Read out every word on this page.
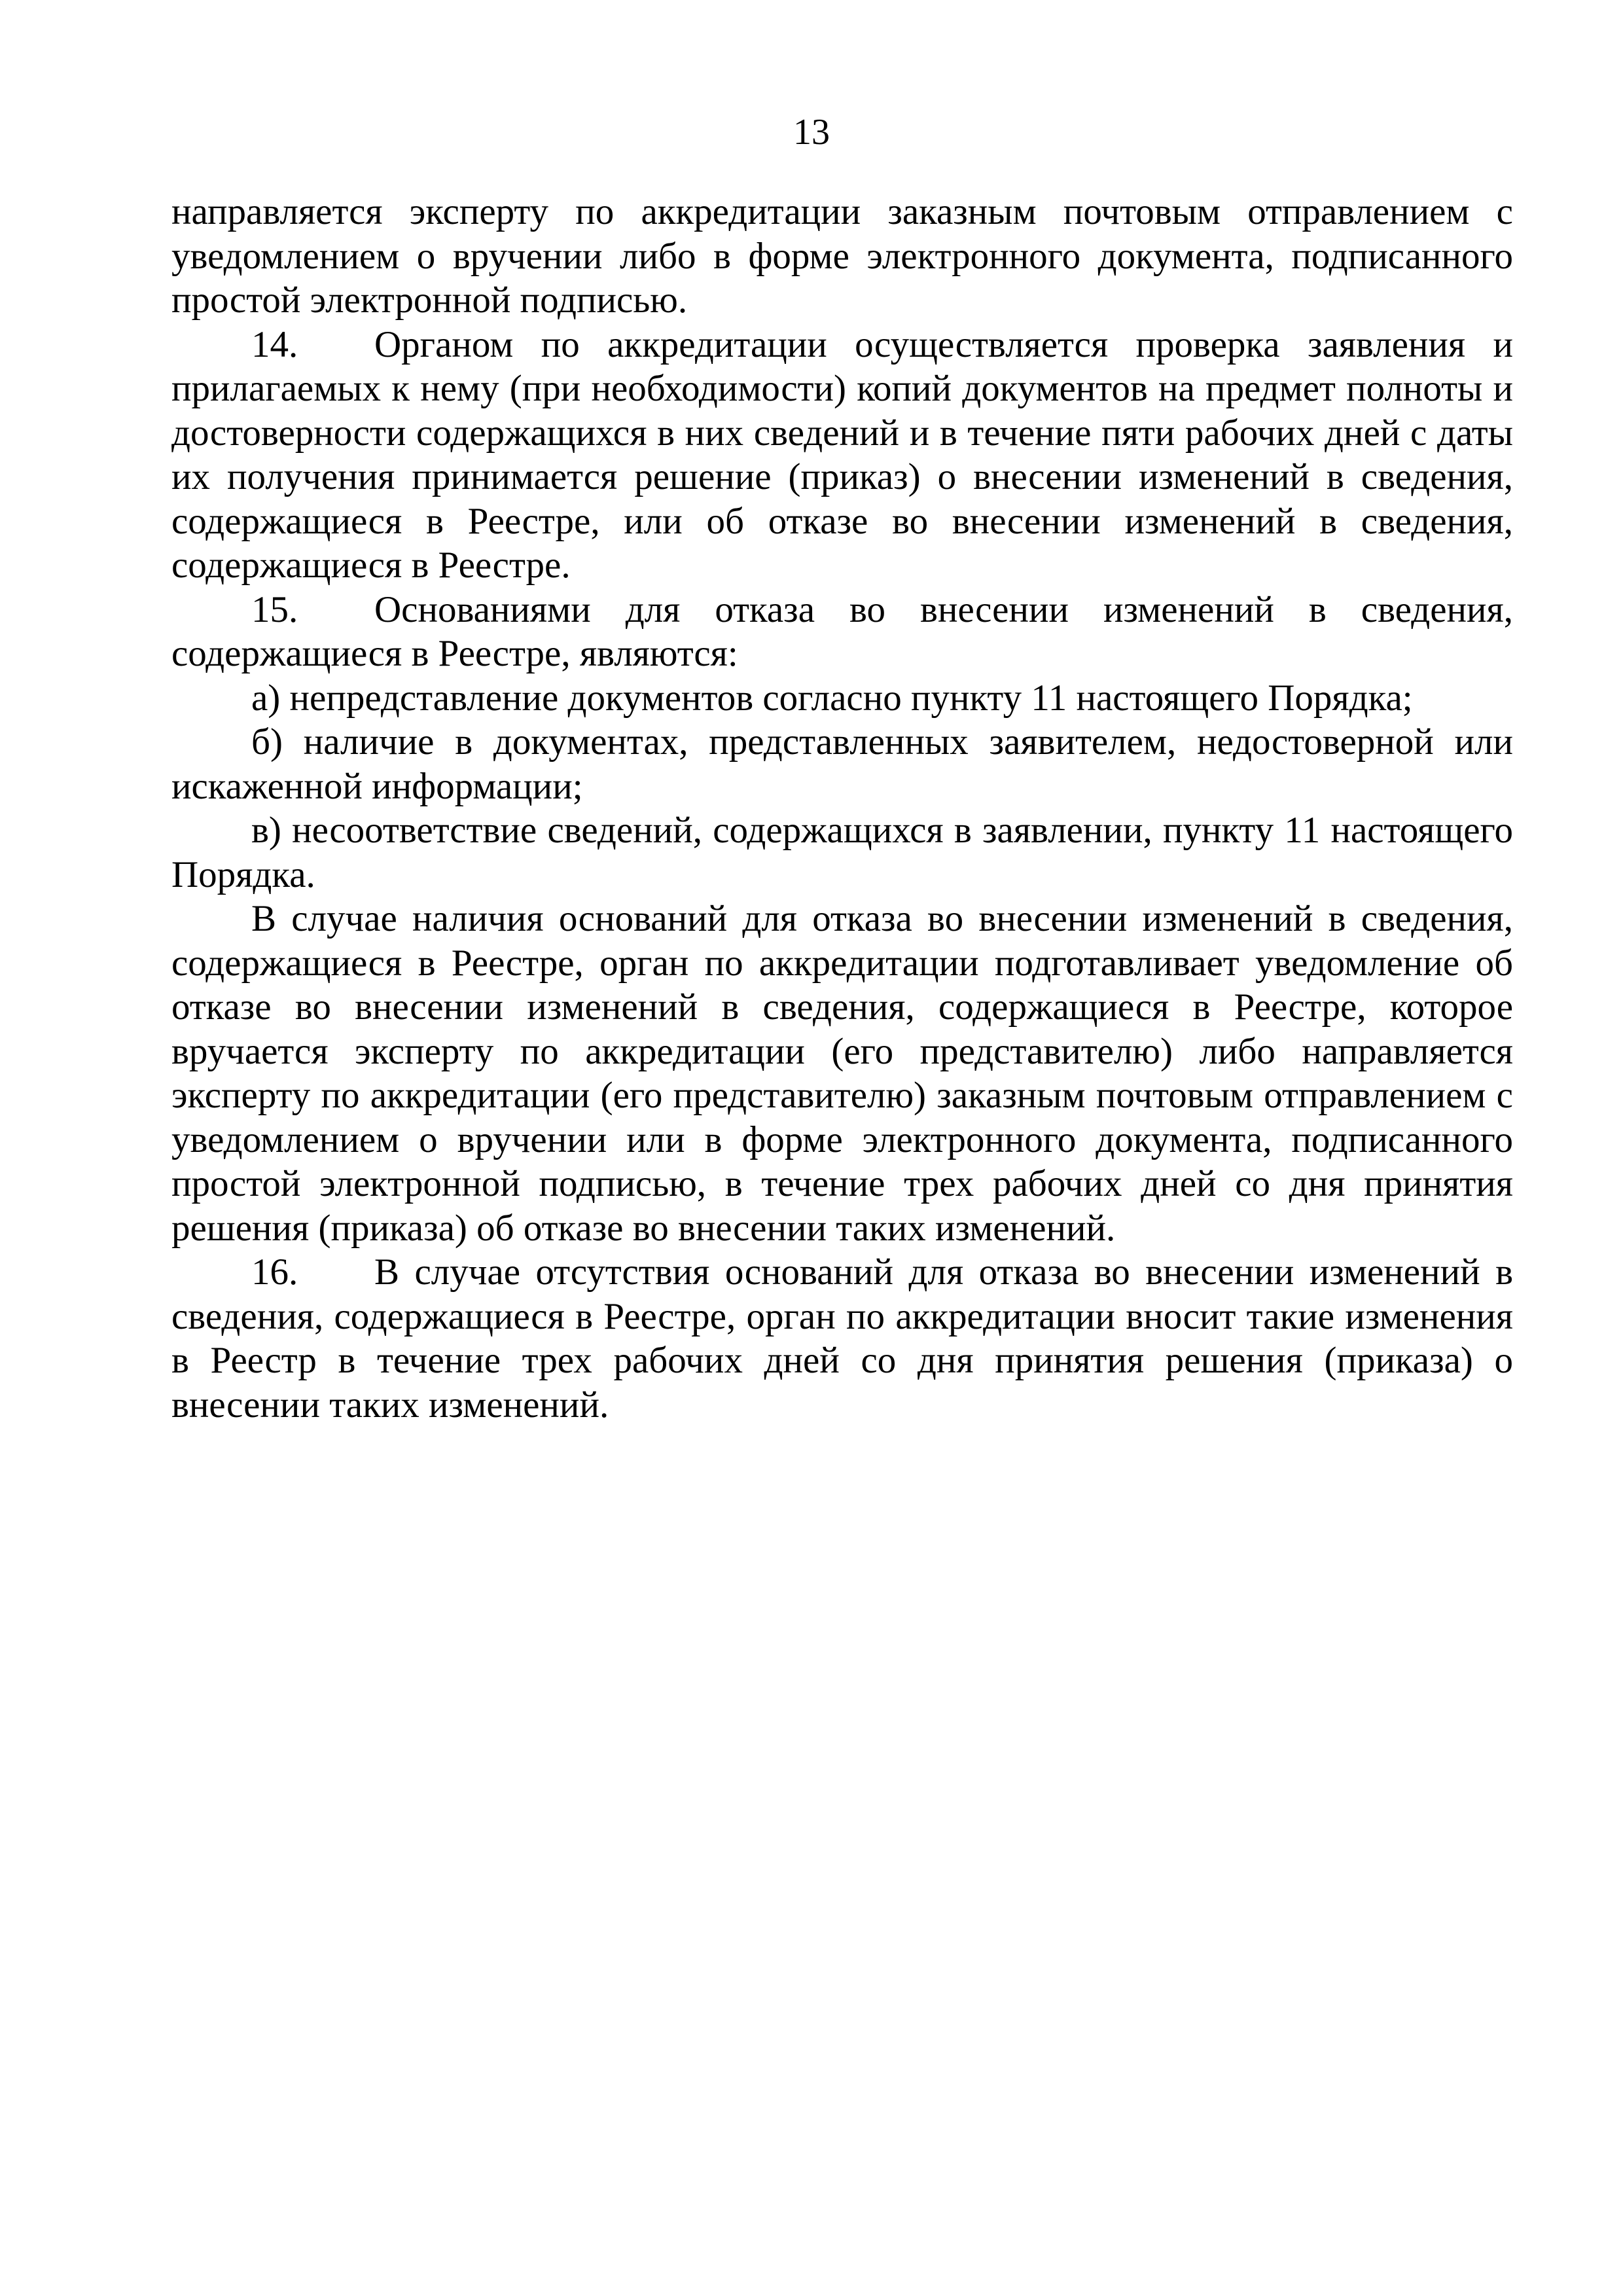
13

направляется эксперту по аккредитации заказным почтовым отправлением с уведомлением о вручении либо в форме электронного документа, подписанного простой электронной подписью.

14. Органом по аккредитации осуществляется проверка заявления и прилагаемых к нему (при необходимости) копий документов на предмет полноты и достоверности содержащихся в них сведений и в течение пяти рабочих дней с даты их получения принимается решение (приказ) о внесении изменений в сведения, содержащиеся в Реестре, или об отказе во внесении изменений в сведения, содержащиеся в Реестре.

15. Основаниями для отказа во внесении изменений в сведения, содержащиеся в Реестре, являются:

а) непредставление документов согласно пункту 11 настоящего Порядка;

б) наличие в документах, представленных заявителем, недостоверной или искаженной информации;

в) несоответствие сведений, содержащихся в заявлении, пункту 11 настоящего Порядка.

В случае наличия оснований для отказа во внесении изменений в сведения, содержащиеся в Реестре, орган по аккредитации подготавливает уведомление об отказе во внесении изменений в сведения, содержащиеся в Реестре, которое вручается эксперту по аккредитации (его представителю) либо направляется эксперту по аккредитации (его представителю) заказным почтовым отправлением с уведомлением о вручении или в форме электронного документа, подписанного простой электронной подписью, в течение трех рабочих дней со дня принятия решения (приказа) об отказе во внесении таких изменений.

16. В случае отсутствия оснований для отказа во внесении изменений в сведения, содержащиеся в Реестре, орган по аккредитации вносит такие изменения в Реестр в течение трех рабочих дней со дня принятия решения (приказа) о внесении таких изменений.
